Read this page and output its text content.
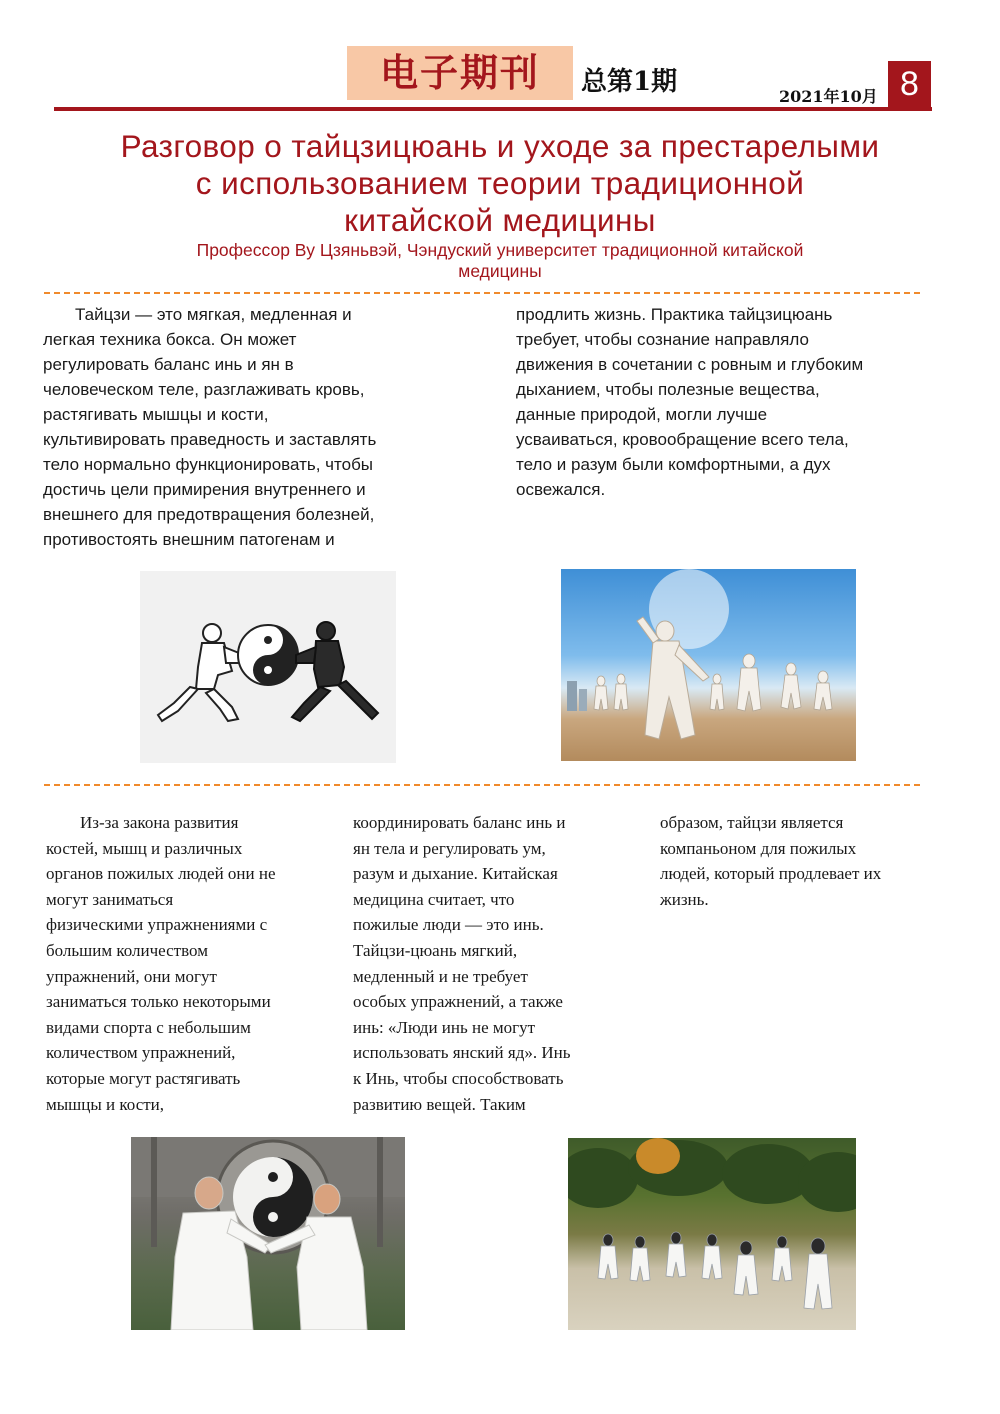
电子期刊	总第1期	2021年10月 8
Разговор о тайцзицюань и уходе за престарелыми
с использованием теории традиционной
китайской медицины
Профессор Ву Цзяньвэй, Чэндуский университет традиционной китайской
медицины
Тайцзи — это мягкая, медленная и
легкая техника бокса. Он может
регулировать баланс инь и ян в
человеческом теле, разглаживать кровь,
растягивать мышцы и кости,
культивировать праведность и заставлять
тело нормально функционировать, чтобы
достичь цели примирения внутреннего и
внешнего для предотвращения болезней,
противостоять внешним патогенам и
продлить жизнь. Практика тайцзицюань
требует, чтобы сознание направляло
движения в сочетании с ровным и глубоким
дыханием, чтобы полезные вещества,
данные природой, могли лучше
усваиваться, кровообращение всего тела,
тело и разум были комфортными, а дух
освежался.
Из-за закона развития
костей, мышц и различных
органов пожилых людей они не
могут заниматься
физическими упражнениями с
большим количеством
упражнений, они могут
заниматься только некоторыми
видами спорта с небольшим
количеством упражнений,
которые могут растягивать
мышцы и кости,
координировать баланс инь и
ян тела и регулировать ум,
разум и дыхание. Китайская
медицина считает, что
пожилые люди — это инь.
Тайцзи-цюань мягкий,
медленный и не требует
особых упражнений, а также
инь: «Люди инь не могут
использовать янский яд». Инь
к Инь, чтобы способствовать
развитию вещей. Таким
образом, тайцзи является
компаньоном для пожилых
людей, который продлевает их
жизнь.
